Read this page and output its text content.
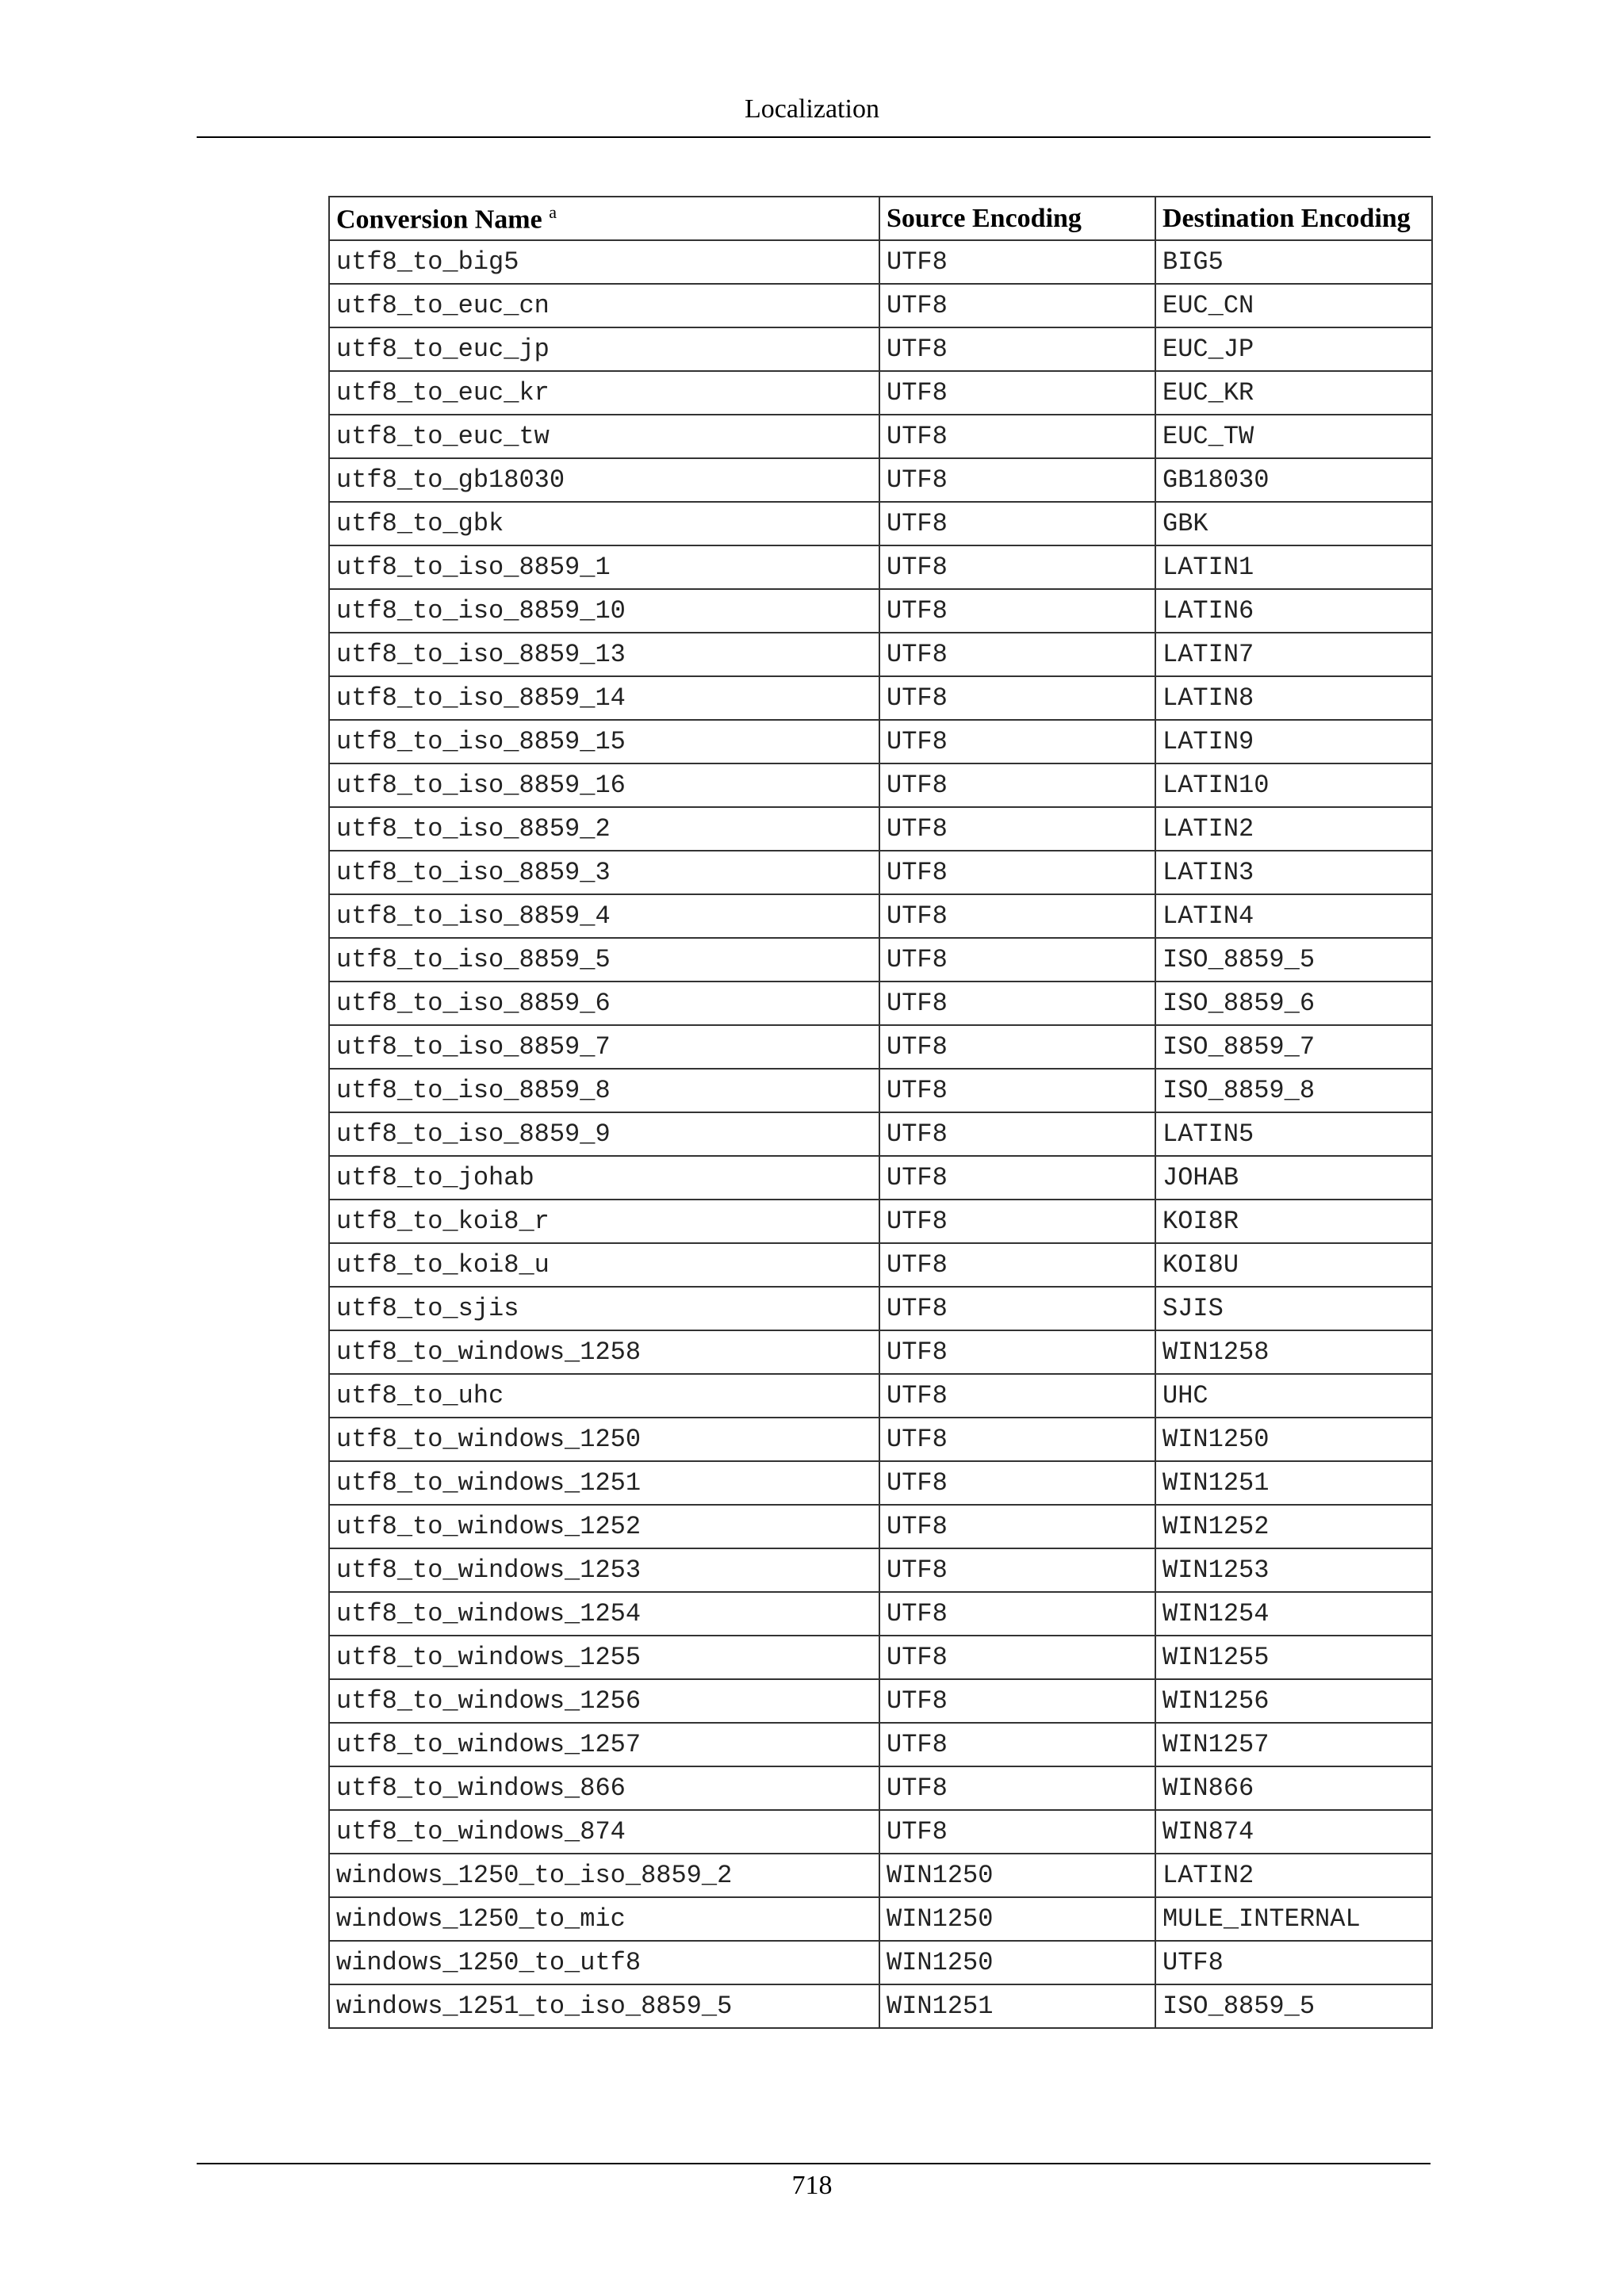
Localization
Conversion Name $^a$	Source Encoding	Destination Encoding
utf8_to_big5	UTF8	BIG5
utf8_to_euc_cn	UTF8	EUC_CN
utf8_to_euc_jp	UTF8	EUC_JP
utf8_to_euc_kr	UTF8	EUC_KR
utf8_to_euc_tw	UTF8	EUC_TW
utf8_to_gb18030	UTF8	GB18030
utf8_to_gbk	UTF8	GBK
utf8_to_iso_8859_1	UTF8	LATIN1
utf8_to_iso_8859_10	UTF8	LATIN6
utf8_to_iso_8859_13	UTF8	LATIN7
utf8_to_iso_8859_14	UTF8	LATIN8
utf8_to_iso_8859_15	UTF8	LATIN9
utf8_to_iso_8859_16	UTF8	LATIN10
utf8_to_iso_8859_2	UTF8	LATIN2
utf8_to_iso_8859_3	UTF8	LATIN3
utf8_to_iso_8859_4	UTF8	LATIN4
utf8_to_iso_8859_5	UTF8	ISO_8859_5
utf8_to_iso_8859_6	UTF8	ISO_8859_6
utf8_to_iso_8859_7	UTF8	ISO_8859_7
utf8_to_iso_8859_8	UTF8	ISO_8859_8
utf8_to_iso_8859_9	UTF8	LATIN5
utf8_to_johab	UTF8	JOHAB
utf8_to_koi8_r	UTF8	KOI8R
utf8_to_koi8_u	UTF8	KOI8U
utf8_to_sjis	UTF8	SJIS
utf8_to_windows_1258	UTF8	WIN1258
utf8_to_uhc	UTF8	UHC
utf8_to_windows_1250	UTF8	WIN1250
utf8_to_windows_1251	UTF8	WIN1251
utf8_to_windows_1252	UTF8	WIN1252
utf8_to_windows_1253	UTF8	WIN1253
utf8_to_windows_1254	UTF8	WIN1254
utf8_to_windows_1255	UTF8	WIN1255
utf8_to_windows_1256	UTF8	WIN1256
utf8_to_windows_1257	UTF8	WIN1257
utf8_to_windows_866	UTF8	WIN866
utf8_to_windows_874	UTF8	WIN874
windows_1250_to_iso_8859_2	WIN1250	LATIN2
windows_1250_to_mic	WIN1250	MULE_INTERNAL
windows_1250_to_utf8	WIN1250	UTF8
windows_1251_to_iso_8859_5	WIN1251	ISO_8859_5
718
